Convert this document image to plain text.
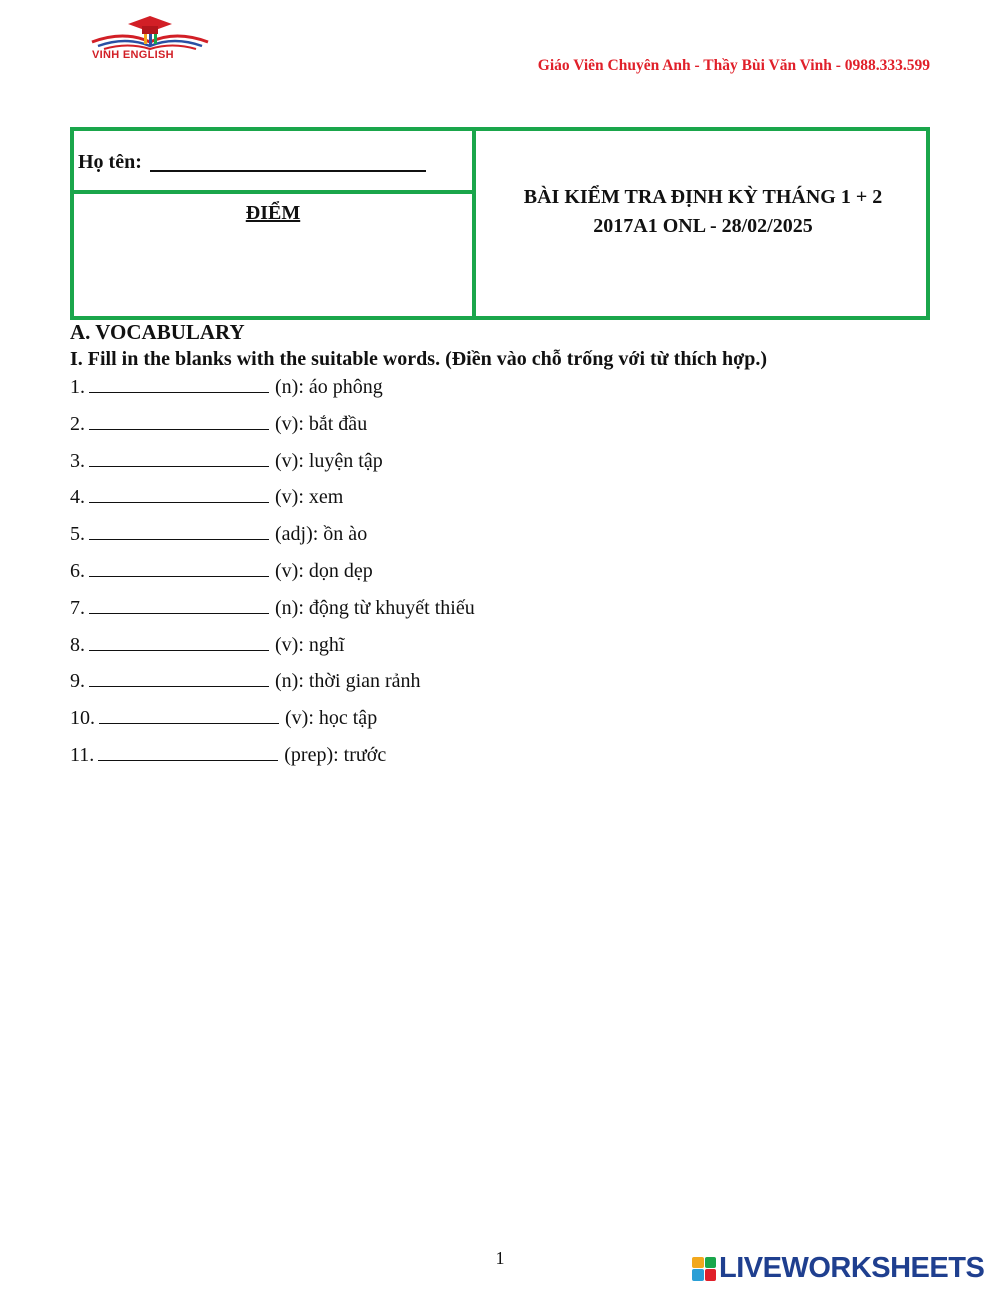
VINH ENGLISH
Giáo Viên Chuyên Anh - Thầy Bùi Văn Vinh - 0988.333.599
Họ tên:
ĐIỂM
BÀI KIỂM TRA ĐỊNH KỲ THÁNG 1 + 2
2017A1 ONL - 28/02/2025
A. VOCABULARY
I. Fill in the blanks with the suitable words. (Điền vào chỗ trống với từ thích hợp.)
1.	(n): áo phông
2.	(v): bắt đầu
3.	(v): luyện tập
4.	(v): xem
5.	(adj): ồn ào
6.	(v): dọn dẹp
7.	(n): động từ khuyết thiếu
8.	(v): nghĩ
9.	(n): thời gian rảnh
10.	(v): học tập
11.	(prep): trước
1	LIVEWORKSHEETS
